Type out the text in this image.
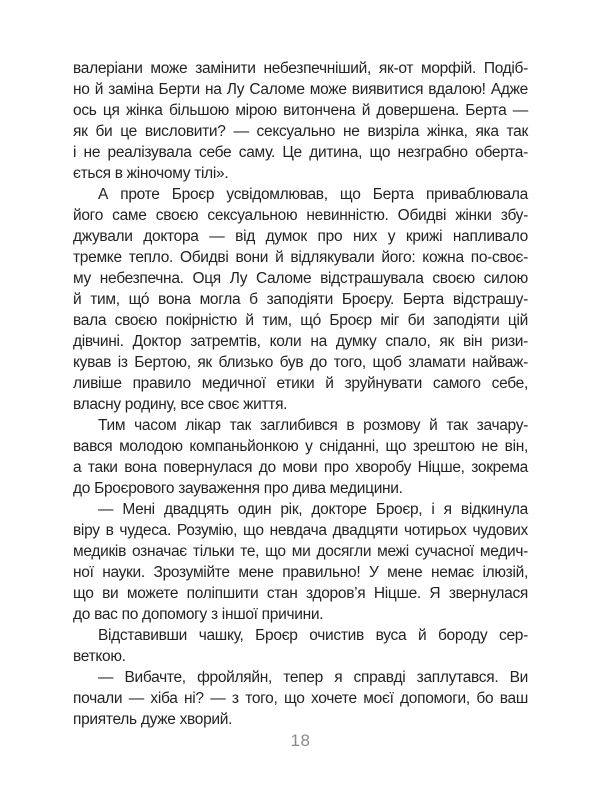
валеріани може замінити небезпечніший, як-от морфій. Подіб-
но й заміна Берти на Лу Саломе може виявитися вдалою! Адже
ось ця жінка більшою мірою витончена й довершена. Берта —
як би це висловити? — сексуально не визріла жінка, яка так
і не реалізувала себе саму. Це дитина, що незграбно оберта-
ється в жіночому тілі».
А проте Броєр усвідомлював, що Берта приваблювала
його саме своєю сексуальною невинністю. Обидві жінки збу-
джували доктора — від думок про них у крижі напливало
тремке тепло. Обидві вони й відлякували його: кожна по-своє-
му небезпечна. Оця Лу Саломе відстрашувала своєю силою
й тим, що́ вона могла б заподіяти Броєру. Берта відстрашу-
вала своєю покірністю й тим, що́ Броєр міг би заподіяти цій
дівчині. Доктор затремтів, коли на думку спало, як він ризи-
кував із Бертою, як близько був до того, щоб зламати найваж-
ливіше правило медичної етики й зруйнувати самого себе,
власну родину, все своє життя.
Тим часом лікар так заглибився в розмову й так зачару-
вався молодою компаньйонкою у сніданні, що зрештою не він,
а таки вона повернулася до мови про хворобу Ніцше, зокрема
до Броєрового зауваження про дива медицини.
— Мені двадцять один рік, докторе Броєр, і я відкинула
віру в чудеса. Розумію, що невдача двадцяти чотирьох чудових
медиків означає тільки те, що ми досягли межі сучасної медич-
ної науки. Зрозумійте мене правильно! У мене немає ілюзій,
що ви можете поліпшити стан здоров’я Ніцше. Я звернулася
до вас по допомогу з іншої причини.
Відставивши чашку, Броєр очистив вуса й бороду сер-
веткою.
— Вибачте, фройляйн, тепер я справді заплутався. Ви
почали — хіба ні? — з того, що хочете моєї допомоги, бо ваш
приятель дуже хворий.
18
